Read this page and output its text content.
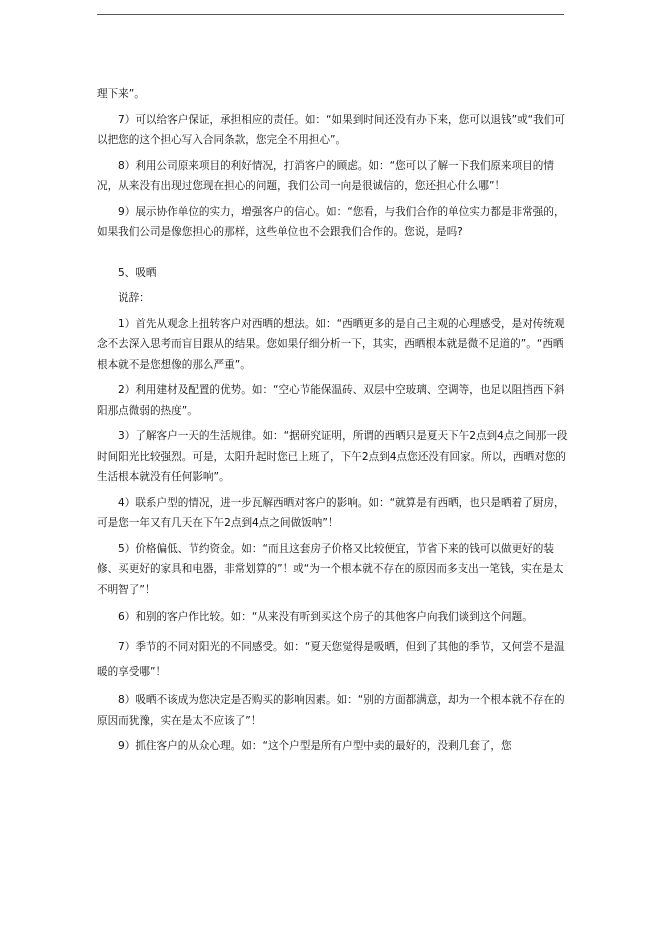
理下来”。

7）可以给客户保证，承担相应的责任。如：“如果到时间还没有办下来，您可以退钱”或“我们可以把您的这个担心写入合同条款，您完全不用担心”。

8）利用公司原来项目的利好情况，打消客户的顾虑。如：“您可以了解一下我们原来项目的情况，从来没有出现过您现在担心的问题，我们公司一向是很诚信的，您还担心什么哪”！

9）展示协作单位的实力，增强客户的信心。如：“您看，与我们合作的单位实力都是非常强的，如果我们公司是像您担心的那样，这些单位也不会跟我们合作的。您说，是吗?

5、吸晒

说辞：

1）首先从观念上扭转客户对西晒的想法。如：“西晒更多的是自己主观的心理感受，是对传统观念不去深入思考而盲目跟从的结果。您如果仔细分析一下，其实，西晒根本就是微不足道的”。“西晒根本就不是您想像的那么严重”。

2）利用建材及配置的优势。如：“空心节能保温砖、双层中空玻璃、空调等，也足以阻挡西下斜阳那点微弱的热度”。

3）了解客户一天的生活规律。如：“据研究证明，所谓的西晒只是夏天下午2点到4点之间那一段时间阳光比较强烈。可是，太阳升起时您已上班了，下午2点到4点您还没有回家。所以，西晒对您的生活根本就没有任何影响”。

4）联系户型的情况，进一步瓦解西晒对客户的影响。如：“就算是有西晒，也只是晒着了厨房，可是您一年又有几天在下午2点到4点之间做饭呐”！

5）价格偏低、节约资金。如：“而且这套房子价格又比较便宜，节省下来的钱可以做更好的装修、买更好的家具和电器，非常划算的”！或“为一个根本就不存在的原因而多支出一笔钱，实在是太不明智了”！

6）和别的客户作比较。如：“从来没有听到买这个房子的其他客户向我们谈到这个问题。

7）季节的不同对阳光的不同感受。如：“夏天您觉得是吸晒，但到了其他的季节，又何尝不是温暖的享受哪”！

8）吸晒不该成为您决定是否购买的影响因素。如：“别的方面都满意，却为一个根本就不存在的原因而犹豫，实在是太不应该了”！

9）抓住客户的从众心理。如：“这个户型是所有户型中卖的最好的，没剩几套了，您
